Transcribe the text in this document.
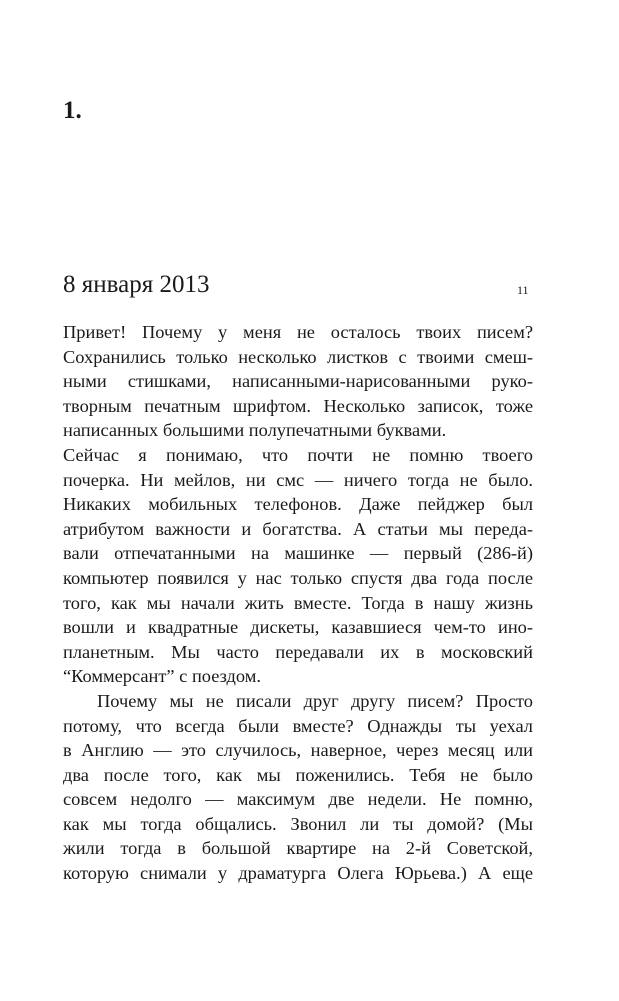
1.
8 января 2013	11
Привет! Почему у меня не осталось твоих писем?
Сохранились только несколько листков с твоими смеш-
ными стишками, написанными-нарисованными руко-
творным печатным шрифтом. Несколько записок, тоже
написанных большими полупечатными буквами.
Сейчас я понимаю, что почти не помню твоего
почерка. Ни мейлов, ни смс — ничего тогда не было.
Никаких мобильных телефонов. Даже пейджер был
атрибутом важности и богатства. А статьи мы переда-
вали отпечатанными на машинке — первый (286-й)
компьютер появился у нас только спустя два года после
того, как мы начали жить вместе. Тогда в нашу жизнь
вошли и квадратные дискеты, казавшиеся чем-то ино-
планетным. Мы часто передавали их в московский
“Коммерсант” с поездом.
Почему мы не писали друг другу писем? Просто
потому, что всегда были вместе? Однажды ты уехал
в Англию — это случилось, наверное, через месяц или
два после того, как мы поженились. Тебя не было
совсем недолго — максимум две недели. Не помню,
как мы тогда общались. Звонил ли ты домой? (Мы
жили тогда в большой квартире на 2-й Советской,
которую снимали у драматурга Олега Юрьева.) А еще
